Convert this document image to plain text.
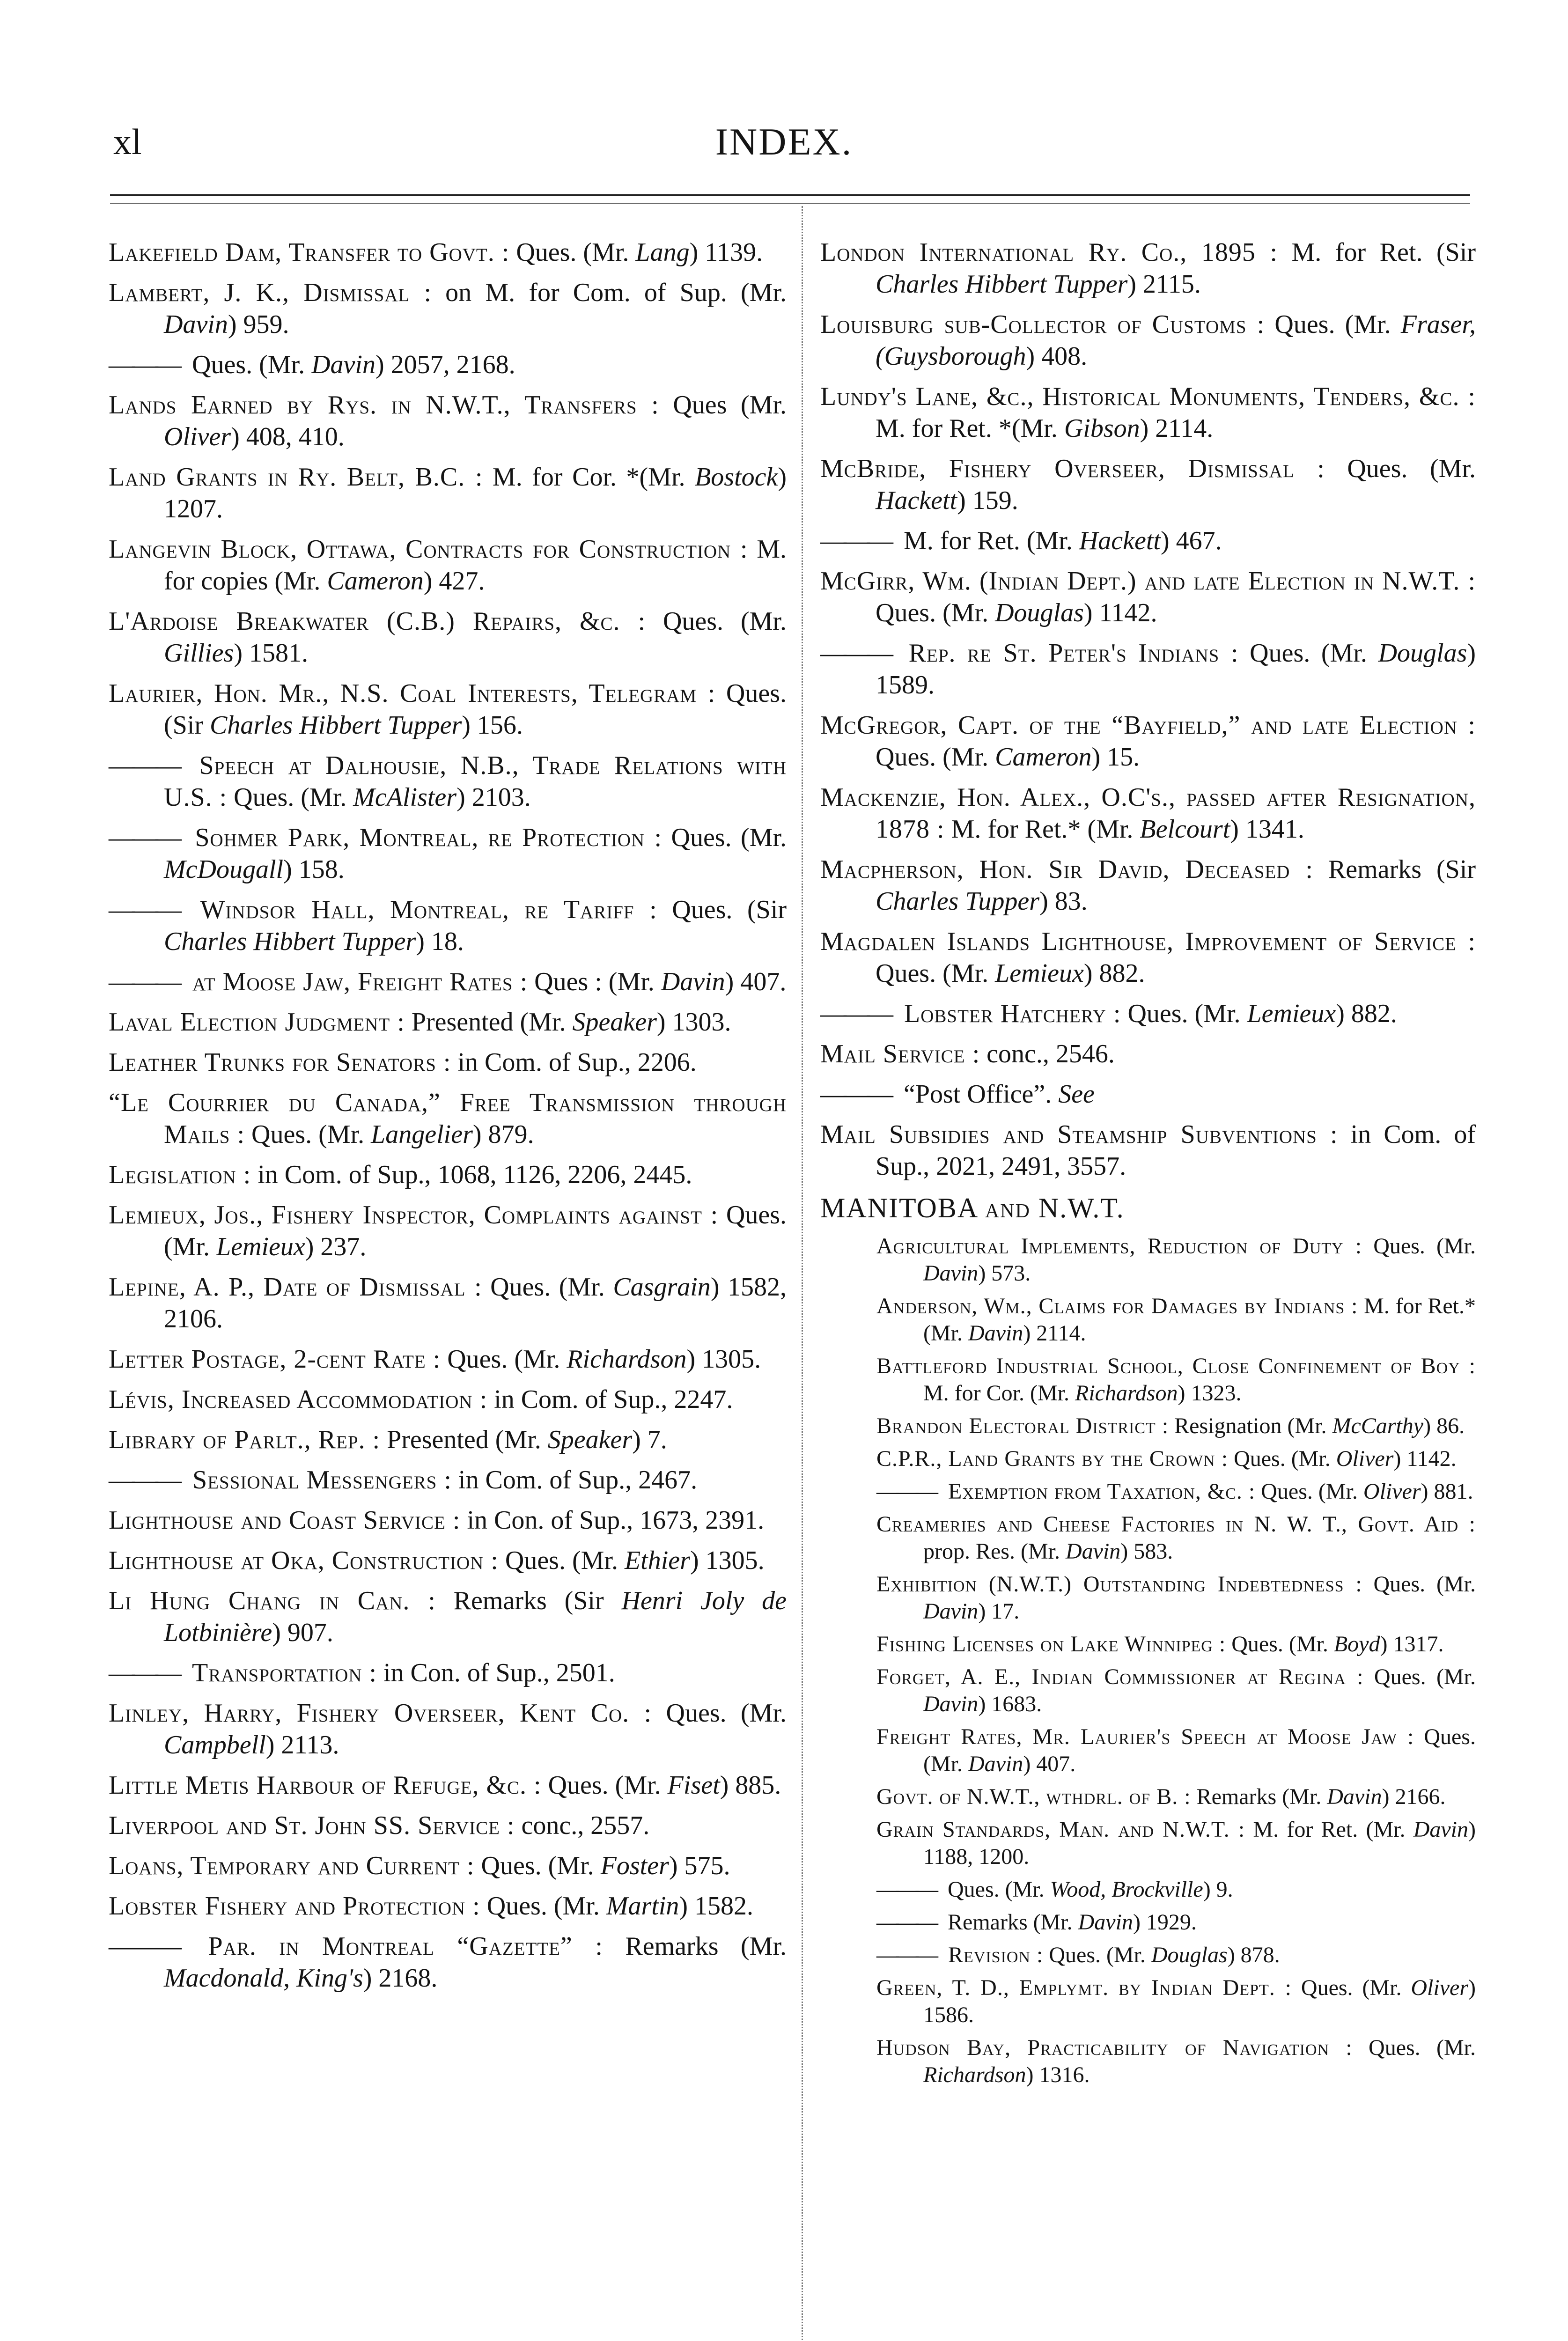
xl	INDEX.
Lakefield Dam, Transfer to Govt. : Ques. (Mr. Lang) 1139.
Lambert, J. K., Dismissal : on M. for Com. of Sup. (Mr. Davin) 959.
——— Ques. (Mr. Davin) 2057, 2168.
Lands Earned by Rys. in N.W.T., Transfers : Ques (Mr. Oliver) 408, 410.
Land Grants in Ry. Belt, B.C. : M. for Cor. *(Mr. Bostock) 1207.
Langevin Block, Ottawa, Contracts for Construction : M. for copies (Mr. Cameron) 427.
L'Ardoise Breakwater (C.B.) Repairs, &c. : Ques. (Mr. Gillies) 1581.
Laurier, Hon. Mr., N.S. Coal Interests, Telegram : Ques. (Sir Charles Hibbert Tupper) 156.
——— Speech at Dalhousie, N.B., Trade Relations with U.S. : Ques. (Mr. McAlister) 2103.
——— Sohmer Park, Montreal, re Protection : Ques. (Mr. McDougall) 158.
——— Windsor Hall, Montreal, re Tariff : Ques. (Sir Charles Hibbert Tupper) 18.
——— at Moose Jaw, Freight Rates : Ques : (Mr. Davin) 407.
Laval Election Judgment : Presented (Mr. Speaker) 1303.
Leather Trunks for Senators : in Com. of Sup., 2206.
“Le Courrier du Canada,” Free Transmission through Mails : Ques. (Mr. Langelier) 879.
Legislation : in Com. of Sup., 1068, 1126, 2206, 2445.
Lemieux, Jos., Fishery Inspector, Complaints against : Ques. (Mr. Lemieux) 237.
Lepine, A. P., Date of Dismissal : Ques. (Mr. Casgrain) 1582, 2106.
Letter Postage, 2-cent Rate : Ques. (Mr. Richardson) 1305.
Lévis, Increased Accommodation : in Com. of Sup., 2247.
Library of Parlt., Rep. : Presented (Mr. Speaker) 7.
——— Sessional Messengers : in Com. of Sup., 2467.
Lighthouse and Coast Service : in Con. of Sup., 1673, 2391.
Lighthouse at Oka, Construction : Ques. (Mr. Ethier) 1305.
Li Hung Chang in Can. : Remarks (Sir Henri Joly de Lotbinière) 907.
——— Transportation : in Con. of Sup., 2501.
Linley, Harry, Fishery Overseer, Kent Co. : Ques. (Mr. Campbell) 2113.
Little Metis Harbour of Refuge, &c. : Ques. (Mr. Fiset) 885.
Liverpool and St. John SS. Service : conc., 2557.
Loans, Temporary and Current : Ques. (Mr. Foster) 575.
Lobster Fishery and Protection : Ques. (Mr. Martin) 1582.
——— Par. in Montreal “Gazette” : Remarks (Mr. Macdonald, King's) 2168.
London International Ry. Co., 1895 : M. for Ret. (Sir Charles Hibbert Tupper) 2115.
Louisburg sub-Collector of Customs : Ques. (Mr. Fraser, (Guysborough) 408.
Lundy's Lane, &c., Historical Monuments, Tenders, &c. : M. for Ret. *(Mr. Gibson) 2114.
McBride, Fishery Overseer, Dismissal : Ques. (Mr. Hackett) 159.
——— M. for Ret. (Mr. Hackett) 467.
McGirr, Wm. (Indian Dept.) and late Election in N.W.T. : Ques. (Mr. Douglas) 1142.
——— Rep. re St. Peter's Indians : Ques. (Mr. Douglas) 1589.
McGregor, Capt. of the “Bayfield,” and late Election : Ques. (Mr. Cameron) 15.
Mackenzie, Hon. Alex., O.C's., passed after Resignation, 1878 : M. for Ret.* (Mr. Belcourt) 1341.
Macpherson, Hon. Sir David, Deceased : Remarks (Sir Charles Tupper) 83.
Magdalen Islands Lighthouse, Improvement of Service : Ques. (Mr. Lemieux) 882.
——— Lobster Hatchery : Ques. (Mr. Lemieux) 882.
Mail Service : conc., 2546.
——— “Post Office”. See
Mail Subsidies and Steamship Subventions : in Com. of Sup., 2021, 2491, 3557.
MANITOBA and N.W.T.
Agricultural Implements, Reduction of Duty : Ques. (Mr. Davin) 573.
Anderson, Wm., Claims for Damages by Indians : M. for Ret.* (Mr. Davin) 2114.
Battleford Industrial School, Close Confinement of Boy : M. for Cor. (Mr. Richardson) 1323.
Brandon Electoral District : Resignation (Mr. McCarthy) 86.
C.P.R., Land Grants by the Crown : Ques. (Mr. Oliver) 1142.
——— Exemption from Taxation, &c. : Ques. (Mr. Oliver) 881.
Creameries and Cheese Factories in N. W. T., Govt. Aid : prop. Res. (Mr. Davin) 583.
Exhibition (N.W.T.) Outstanding Indebtedness : Ques. (Mr. Davin) 17.
Fishing Licenses on Lake Winnipeg : Ques. (Mr. Boyd) 1317.
Forget, A. E., Indian Commissioner at Regina : Ques. (Mr. Davin) 1683.
Freight Rates, Mr. Laurier's Speech at Moose Jaw : Ques. (Mr. Davin) 407.
Govt. of N.W.T., wthdrl. of B. : Remarks (Mr. Davin) 2166.
Grain Standards, Man. and N.W.T. : M. for Ret. (Mr. Davin) 1188, 1200.
——— Ques. (Mr. Wood, Brockville) 9.
——— Remarks (Mr. Davin) 1929.
——— Revision : Ques. (Mr. Douglas) 878.
Green, T. D., Emplymt. by Indian Dept. : Ques. (Mr. Oliver) 1586.
Hudson Bay, Practicability of Navigation : Ques. (Mr. Richardson) 1316.
